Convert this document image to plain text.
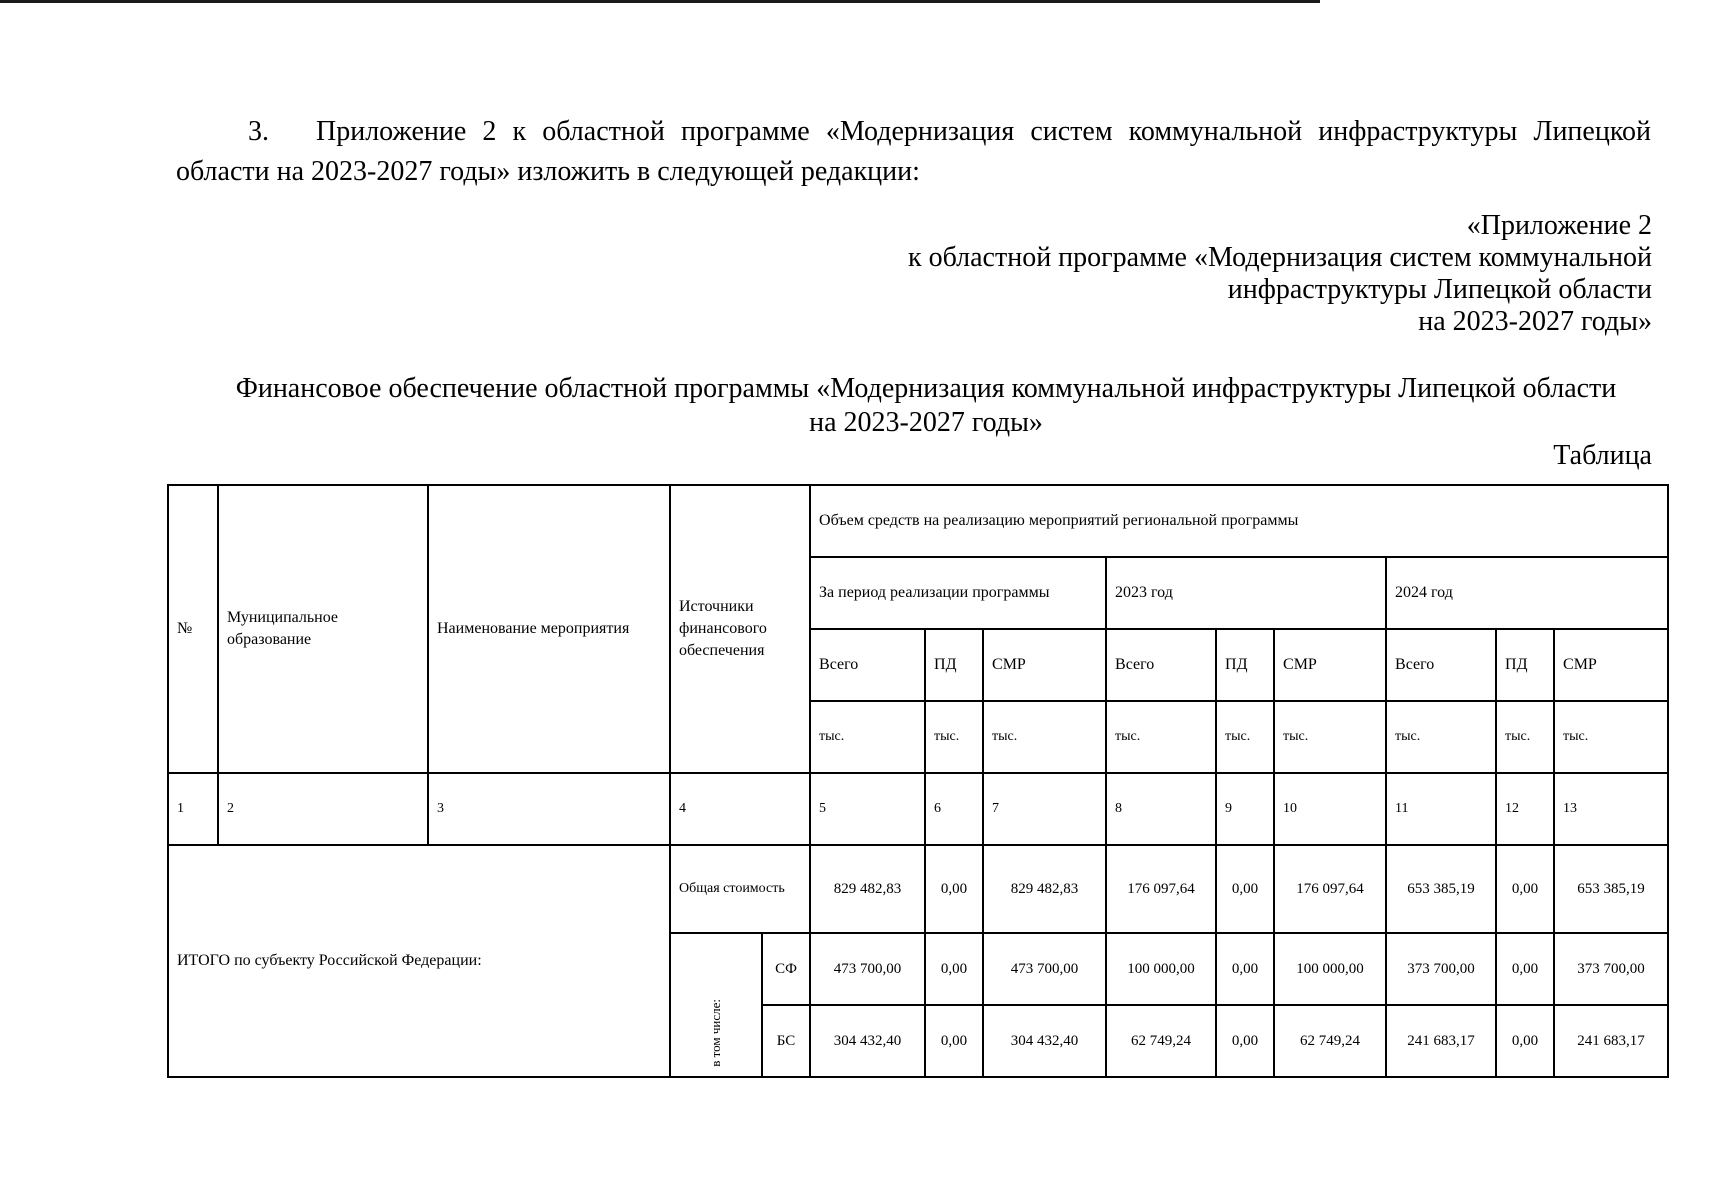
3. Приложение 2 к областной программе «Модернизация систем коммунальной инфраструктуры Липецкой области на 2023-2027 годы» изложить в следующей редакции:
«Приложение 2
к областной программе «Модернизация систем коммунальной
инфраструктуры Липецкой области
на 2023-2027 годы»
Финансовое обеспечение областной программы «Модернизация коммунальной инфраструктуры Липецкой области
на 2023-2027 годы»
Таблица
№	Муниципальное образование	Наименование мероприятия	Источники финансового обеспечения		Объем средств на реализацию мероприятий региональной программы								
					За период реализации программы			2023 год			2024 год		
					Всего	ПД	СМР	Всего	ПД	СМР	Всего	ПД	СМР
					тыс.	тыс.	тыс.	тыс.	тыс.	тыс.	тыс.	тыс.	тыс.
1	2	3	4		5	6	7	8	9	10	11	12	13
ИТОГО по субъекту Российской Федерации:			Общая стоимость		829 482,83	0,00	829 482,83	176 097,64	0,00	176 097,64	653 385,19	0,00	653 385,19
			в том числе:	СФ	473 700,00	0,00	473 700,00	100 000,00	0,00	100 000,00	373 700,00	0,00	373 700,00
				БС	304 432,40	0,00	304 432,40	62 749,24	0,00	62 749,24	241 683,17	0,00	241 683,17
